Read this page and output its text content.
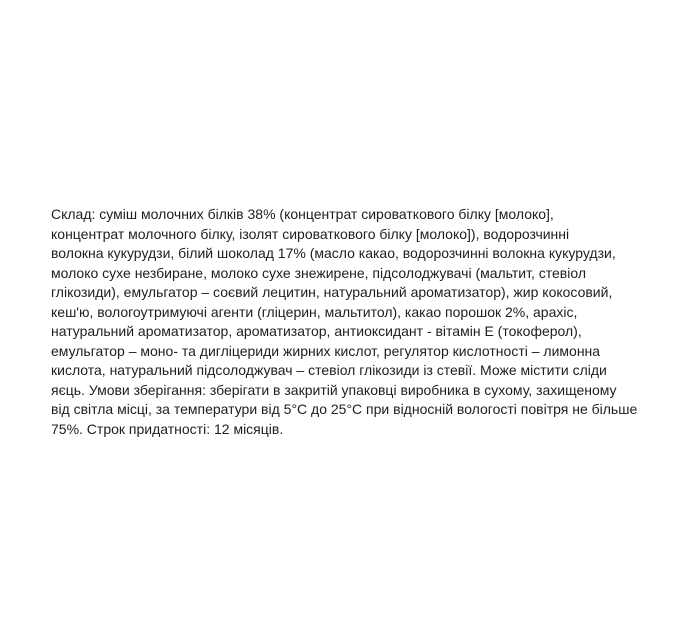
Склад: суміш молочних білків 38% (концентрат сироваткового білку [молоко],
концентрат молочного білку, ізолят сироваткового білку [молоко]), водорозчинні
волокна кукурудзи, білий шоколад 17% (масло какао, водорозчинні волокна кукурудзи,
молоко сухе незбиране, молоко сухе знежирене, підсолоджувачі (мальтит, стевіол
глікозиди), емульгатор – соєвий лецитин, натуральний ароматизатор), жир кокосовий,
кеш'ю, вологоутримуючі агенти (гліцерин, мальтитол), какао порошок 2%, арахіс,
натуральний ароматизатор, ароматизатор, антиоксидант - вітамін Е (токоферол),
емульгатор – моно- та дигліцериди жирних кислот, регулятор кислотності – лимонна
кислота, натуральний підсолоджувач – стевіол глікозиди із стевії. Може містити сліди
яєць. Умови зберігання: зберігати в закритій упаковці виробника в сухому, захищеному
від світла місці, за температури від 5°C до 25°C при відносній вологості повітря не більше
75%. Строк придатності: 12 місяців.
